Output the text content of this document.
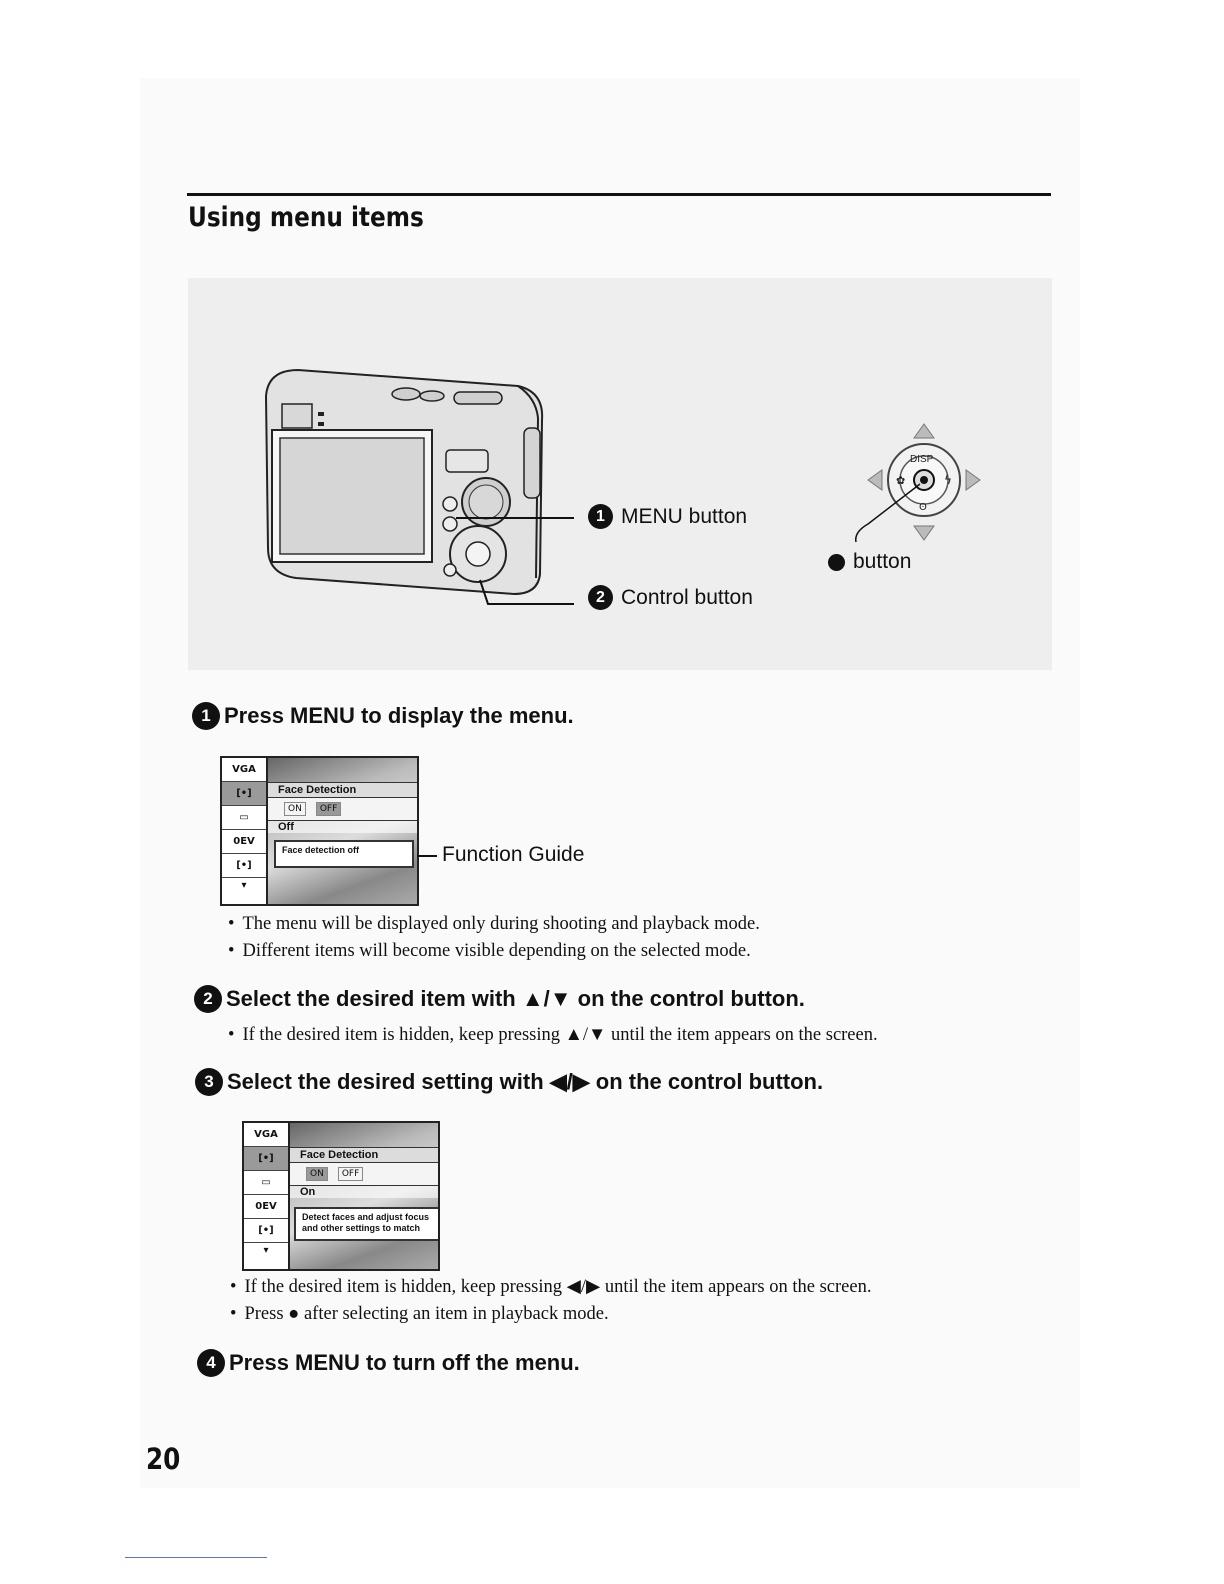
Using menu items
DISP
✿	ϟ
ʘ
1 MENU button
2 Control button
button
1 Press MENU to display the menu.
VGA
[•]
▭
0EV
[•]
▾
Face Detection
ON	OFF
Off
Face detection off	Function Guide
• The menu will be displayed only during shooting and playback mode.
• Different items will become visible depending on the selected mode.
2 Select the desired item with ▲/▼ on the control button.
• If the desired item is hidden, keep pressing ▲/▼ until the item appears on the screen.
3 Select the desired setting with ◀/▶ on the control button.
VGA
[•]
▭
0EV
[•]
▾
Face Detection
ON	OFF
On
Detect faces and adjust focus
and other settings to match
• If the desired item is hidden, keep pressing ◀/▶ until the item appears on the screen.
• Press ● after selecting an item in playback mode.
4 Press MENU to turn off the menu.
20
